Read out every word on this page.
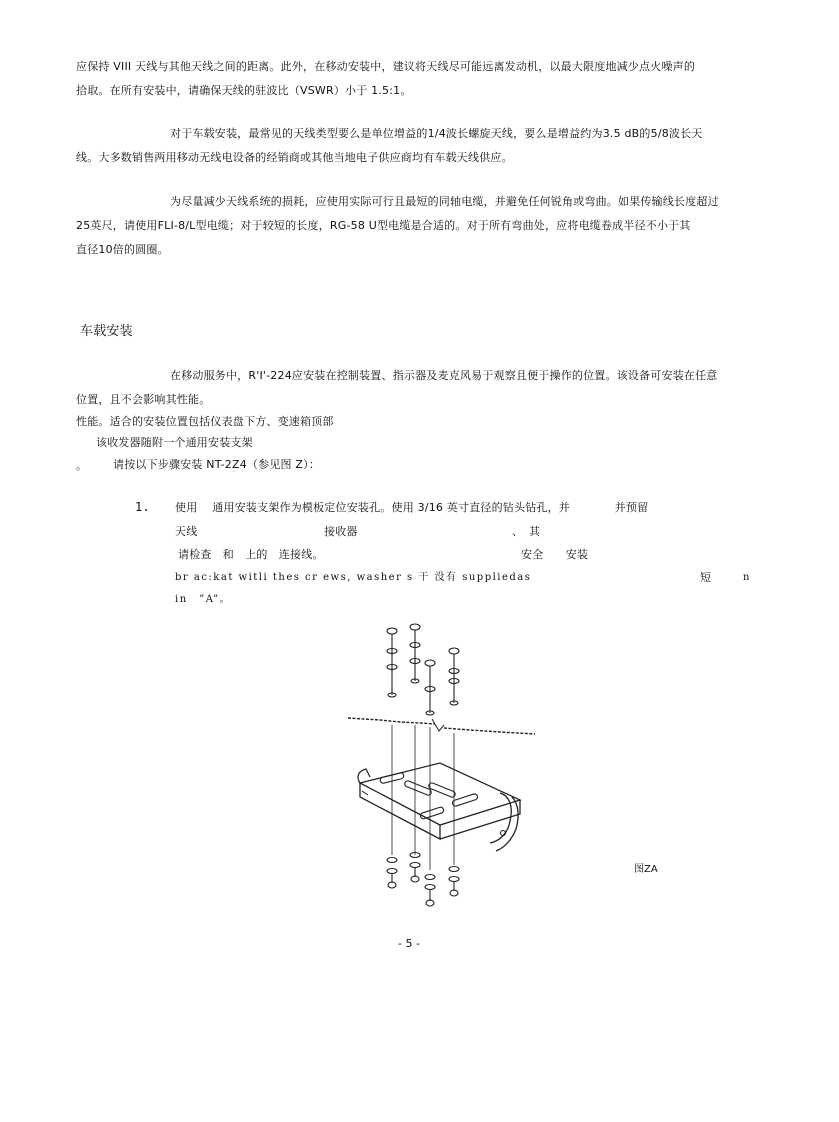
应保持 VIII 天线与其他天线之间的距离。此外，在移动安装中，建议将天线尽可能远离发动机，以最大限度地减少点火噪声的
拾取。在所有安装中，请确保天线的驻波比（VSWR）小于 1.5:1。
对于车载安装，最常见的天线类型要么是单位增益的1/4波长螺旋天线，要么是增益约为3.5 dB的5/8波长天
线。大多数销售两用移动无线电设备的经销商或其他当地电子供应商均有车载天线供应。
为尽量减少天线系统的损耗，应使用实际可行且最短的同轴电缆，并避免任何锐角或弯曲。如果传输线长度超过
25英尺，请使用FLI-8/L型电缆；对于较短的长度，RG-58 U型电缆是合适的。对于所有弯曲处，应将电缆卷成半径不小于其
直径10倍的圆圈。
车载安装
在移动服务中，R'I'-224应安装在控制装置、指示器及麦克风易于观察且便于操作的位置。该设备可安装在任意
位置，且不会影响其性能。
性能。适合的安装位置包括仪表盘下方、变速箱顶部
该收发器随附一个通用安装支架
。 请按以下步骤安装 NT-2Z4（参见图 Z）：
1. 使用　 通用安装支架作为模板定位安装孔。使用 3/16 英寸直径的钻头钻孔，并　　　　并预留
天线	接收器	、　其
请检查　和　上的　连接线。	安全　　安装
br ac:kat witli thes cr ews, washer s 干 没有 suppliedas	短	n
in　”A”。
图ZA
- 5 -
